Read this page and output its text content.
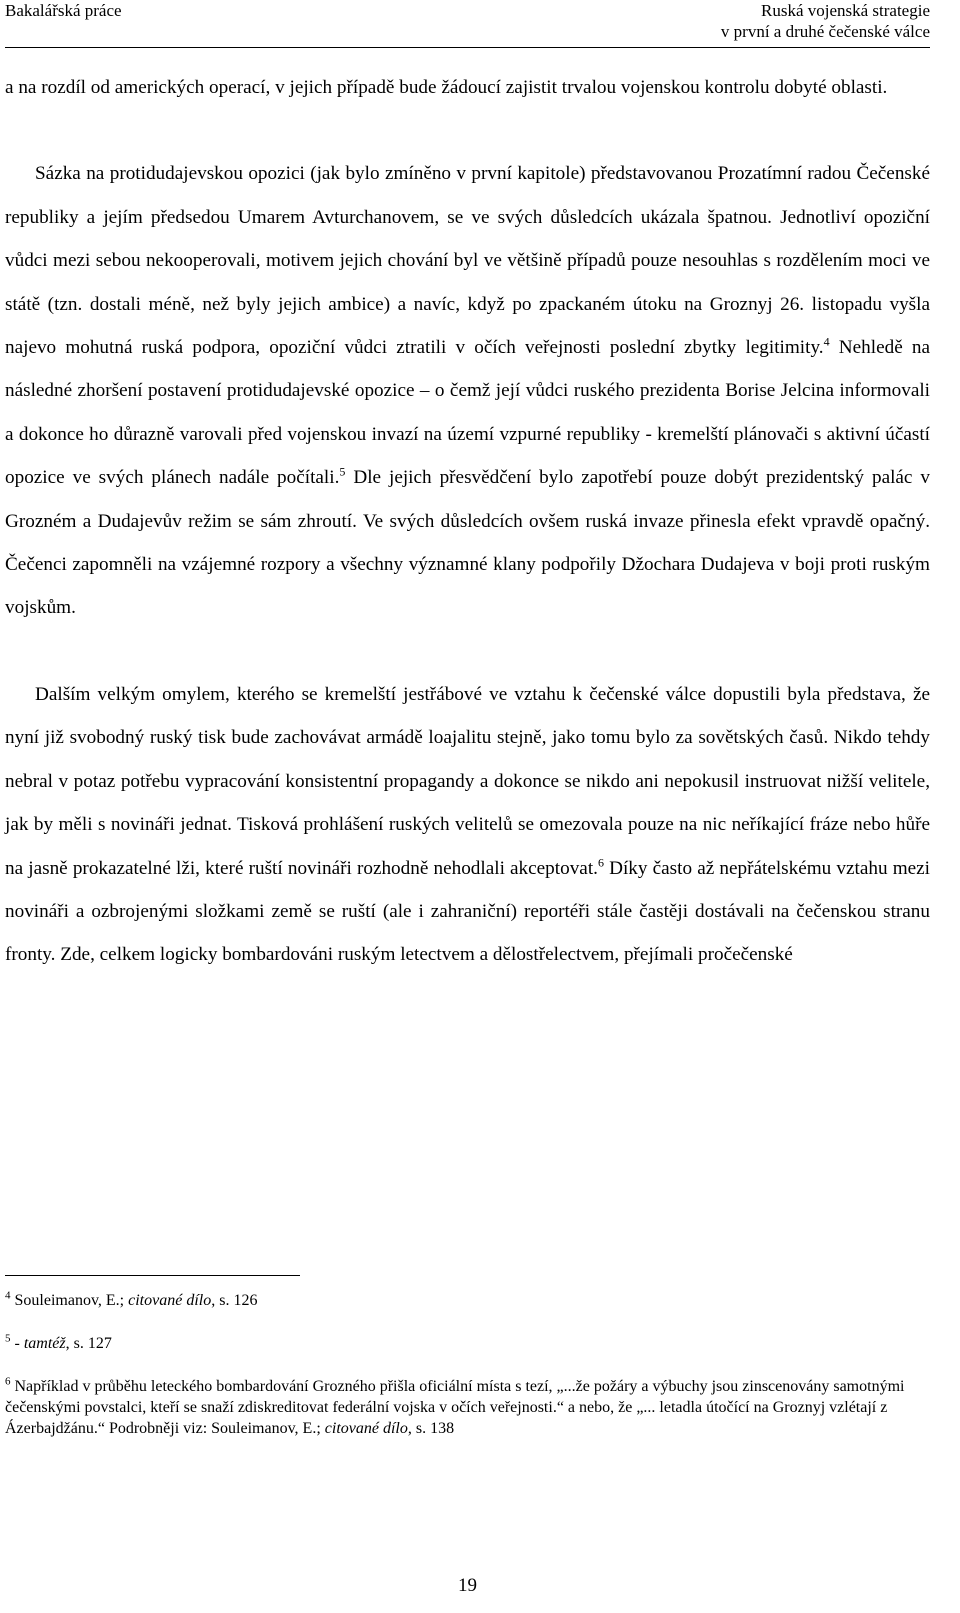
Bakalářská práce	Ruská vojenská strategie
v první a druhé čečenské válce

a na rozdíl od amerických operací, v jejich případě bude žádoucí zajistit trvalou vojenskou kontrolu dobyté oblasti.

Sázka na protidudajevskou opozici (jak bylo zmíněno v první kapitole) představovanou Prozatímní radou Čečenské republiky a jejím předsedou Umarem Avturchanovem, se ve svých důsledcích ukázala špatnou. Jednotliví opoziční vůdci mezi sebou nekooperovali, motivem jejich chování byl ve většině případů pouze nesouhlas s rozdělením moci ve státě (tzn. dostali méně, než byly jejich ambice) a navíc, když po zpackaném útoku na Groznyj 26. listopadu vyšla najevo mohutná ruská podpora, opoziční vůdci ztratili v očích veřejnosti poslední zbytky legitimity.$^4$ Nehledě na následné zhoršení postavení protidudajevské opozice – o čemž její vůdci ruského prezidenta Borise Jelcina informovali a dokonce ho důrazně varovali před vojenskou invazí na území vzpurné republiky - kremelští plánovači s aktivní účastí opozice ve svých plánech nadále počítali.$^5$ Dle jejich přesvědčení bylo zapotřebí pouze dobýt prezidentský palác v Grozném a Dudajevův režim se sám zhroutí. Ve svých důsledcích ovšem ruská invaze přinesla efekt vpravdě opačný. Čečenci zapomněli na vzájemné rozpory a všechny významné klany podpořily Džochara Dudajeva v boji proti ruským vojskům.

Dalším velkým omylem, kterého se kremelští jestřábové ve vztahu k čečenské válce dopustili byla představa, že nyní již svobodný ruský tisk bude zachovávat armádě loajalitu stejně, jako tomu bylo za sovětských časů. Nikdo tehdy nebral v potaz potřebu vypracování konsistentní propagandy a dokonce se nikdo ani nepokusil instruovat nižší velitele, jak by měli s novináři jednat. Tisková prohlášení ruských velitelů se omezovala pouze na nic neříkající fráze nebo hůře na jasně prokazatelné lži, které ruští novináři rozhodně nehodlali akceptovat.$^6$ Díky často až nepřátelskému vztahu mezi novináři a ozbrojenými složkami země se ruští (ale i zahraniční) reportéři stále častěji dostávali na čečenskou stranu fronty. Zde, celkem logicky bombardováni ruským letectvem a dělostřelectvem, přejímali pročečenské

$^4$ Souleimanov, E.; citované dílo, s. 126

$^5$ - tamtéž, s. 127

$^6$ Například v průběhu leteckého bombardování Grozného přišla oficiální místa s tezí, „...že požáry a výbuchy jsou zinscenovány samotnými čečenskými povstalci, kteří se snaží zdiskreditovat federální vojska v očích veřejnosti.“ a nebo, že „... letadla útočící na Groznyj vzlétají z Ázerbajdžánu.“ Podrobněji viz: Souleimanov, E.; citované dílo, s. 138

19
